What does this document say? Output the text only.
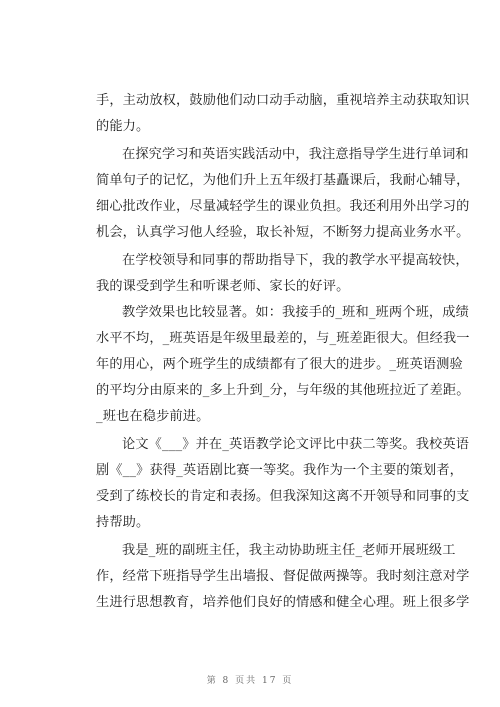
手，主动放权，鼓励他们动口动手动脑，重视培养主动获取知识
的能力。
在探究学习和英语实践活动中，我注意指导学生进行单词和
简单句子的记忆，为他们升上五年级打基矗课后，我耐心辅导，
细心批改作业，尽量减轻学生的课业负担。我还利用外出学习的
机会，认真学习他人经验，取长补短，不断努力提高业务水平。
在学校领导和同事的帮助指导下，我的教学水平提高较快，
我的课受到学生和听课老师、家长的好评。
教学效果也比较显著。如：我接手的_班和_班两个班，成绩
水平不均，_班英语是年级里最差的，与_班差距很大。但经我一
年的用心，两个班学生的成绩都有了很大的进步。_班英语测验
的平均分由原来的_多上升到_分，与年级的其他班拉近了差距。
_班也在稳步前进。
论文《___》并在_英语教学论文评比中获二等奖。我校英语
剧《__》获得_英语剧比赛一等奖。我作为一个主要的策划者，
受到了练校长的肯定和表扬。但我深知这离不开领导和同事的支
持帮助。
我是_班的副班主任，我主动协助班主任_老师开展班级工
作，经常下班指导学生出墙报、督促做两操等。我时刻注意对学
生进行思想教育，培养他们良好的情感和健全心理。班上很多学
第 8 页共 17 页
